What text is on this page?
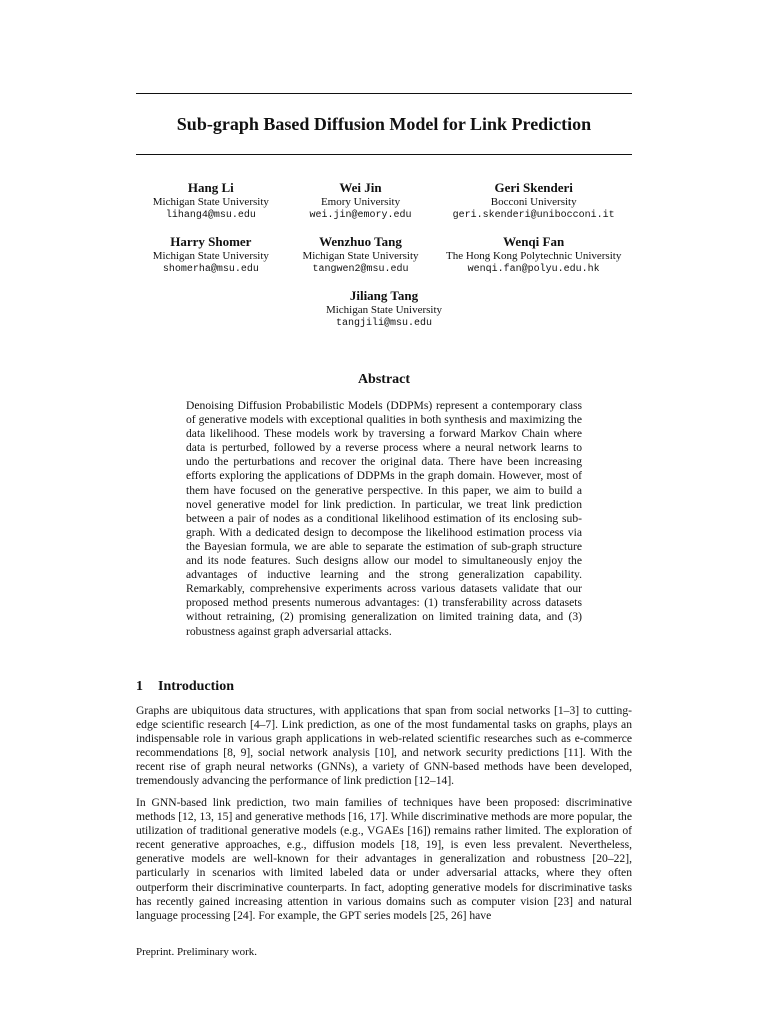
Sub-graph Based Diffusion Model for Link Prediction
Hang Li
Michigan State University
lihang4@msu.edu
Wei Jin
Emory University
wei.jin@emory.edu
Geri Skenderi
Bocconi University
geri.skenderi@unibocconi.it
Harry Shomer
Michigan State University
shomerha@msu.edu
Wenzhuo Tang
Michigan State University
tangwen2@msu.edu
Wenqi Fan
The Hong Kong Polytechnic University
wenqi.fan@polyu.edu.hk
Jiliang Tang
Michigan State University
tangjili@msu.edu
Abstract
Denoising Diffusion Probabilistic Models (DDPMs) represent a contemporary class of generative models with exceptional qualities in both synthesis and maximizing the data likelihood. These models work by traversing a forward Markov Chain where data is perturbed, followed by a reverse process where a neural network learns to undo the perturbations and recover the original data. There have been increasing efforts exploring the applications of DDPMs in the graph domain. However, most of them have focused on the generative perspective. In this paper, we aim to build a novel generative model for link prediction. In particular, we treat link prediction between a pair of nodes as a conditional likelihood estimation of its enclosing sub-graph. With a dedicated design to decompose the likelihood estimation process via the Bayesian formula, we are able to separate the estimation of sub-graph structure and its node features. Such designs allow our model to simultaneously enjoy the advantages of inductive learning and the strong generalization capability. Remarkably, comprehensive experiments across various datasets validate that our proposed method presents numerous advantages: (1) transferability across datasets without retraining, (2) promising generalization on limited training data, and (3) robustness against graph adversarial attacks.
1 Introduction
Graphs are ubiquitous data structures, with applications that span from social networks [1–3] to cutting-edge scientific research [4–7]. Link prediction, as one of the most fundamental tasks on graphs, plays an indispensable role in various graph applications in web-related scientific researches such as e-commerce recommendations [8, 9], social network analysis [10], and network security predictions [11]. With the recent rise of graph neural networks (GNNs), a variety of GNN-based methods have been developed, tremendously advancing the performance of link prediction [12–14].
In GNN-based link prediction, two main families of techniques have been proposed: discriminative methods [12, 13, 15] and generative methods [16, 17]. While discriminative methods are more popular, the utilization of traditional generative models (e.g., VGAEs [16]) remains rather limited. The exploration of recent generative approaches, e.g., diffusion models [18, 19], is even less prevalent. Nevertheless, generative models are well-known for their advantages in generalization and robustness [20–22], particularly in scenarios with limited labeled data or under adversarial attacks, where they often outperform their discriminative counterparts. In fact, adopting generative models for discriminative tasks has recently gained increasing attention in various domains such as computer vision [23] and natural language processing [24]. For example, the GPT series models [25, 26] have
Preprint. Preliminary work.
